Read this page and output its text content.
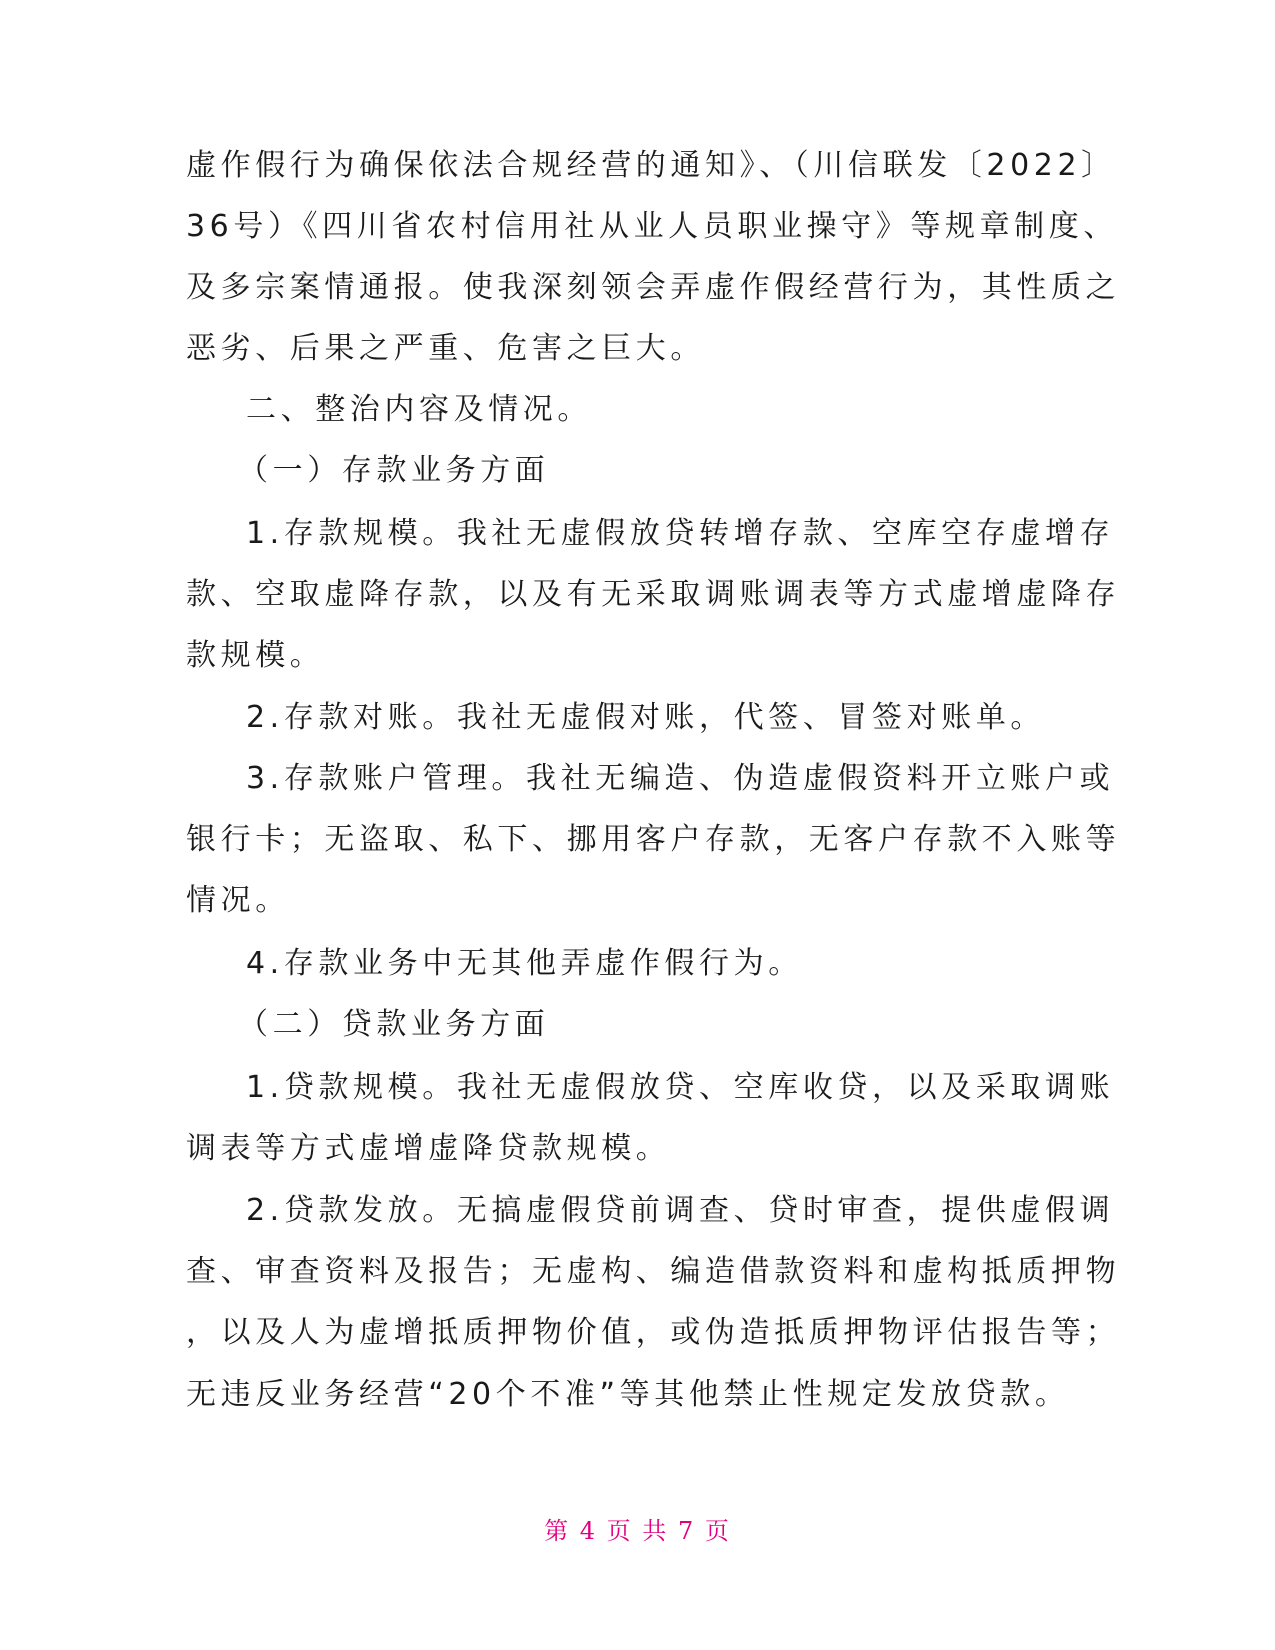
虚作假行为确保依法合规经营的通知》、（川信联发〔2022〕
36号）《四川省农村信用社从业人员职业操守》等规章制度、
及多宗案情通报。使我深刻领会弄虚作假经营行为，其性质之
恶劣、后果之严重、危害之巨大。
二、整治内容及情况。
（一）存款业务方面
1.存款规模。我社无虚假放贷转增存款、空库空存虚增存
款、空取虚降存款，以及有无采取调账调表等方式虚增虚降存
款规模。
2.存款对账。我社无虚假对账，代签、冒签对账单。
3.存款账户管理。我社无编造、伪造虚假资料开立账户或
银行卡；无盗取、私下、挪用客户存款，无客户存款不入账等
情况。
4.存款业务中无其他弄虚作假行为。
（二）贷款业务方面
1.贷款规模。我社无虚假放贷、空库收贷，以及采取调账
调表等方式虚增虚降贷款规模。
2.贷款发放。无搞虚假贷前调查、贷时审查，提供虚假调
查、审查资料及报告；无虚构、编造借款资料和虚构抵质押物
，以及人为虚增抵质押物价值，或伪造抵质押物评估报告等；
无违反业务经营“20个不准”等其他禁止性规定发放贷款。
第 4 页 共 7 页
